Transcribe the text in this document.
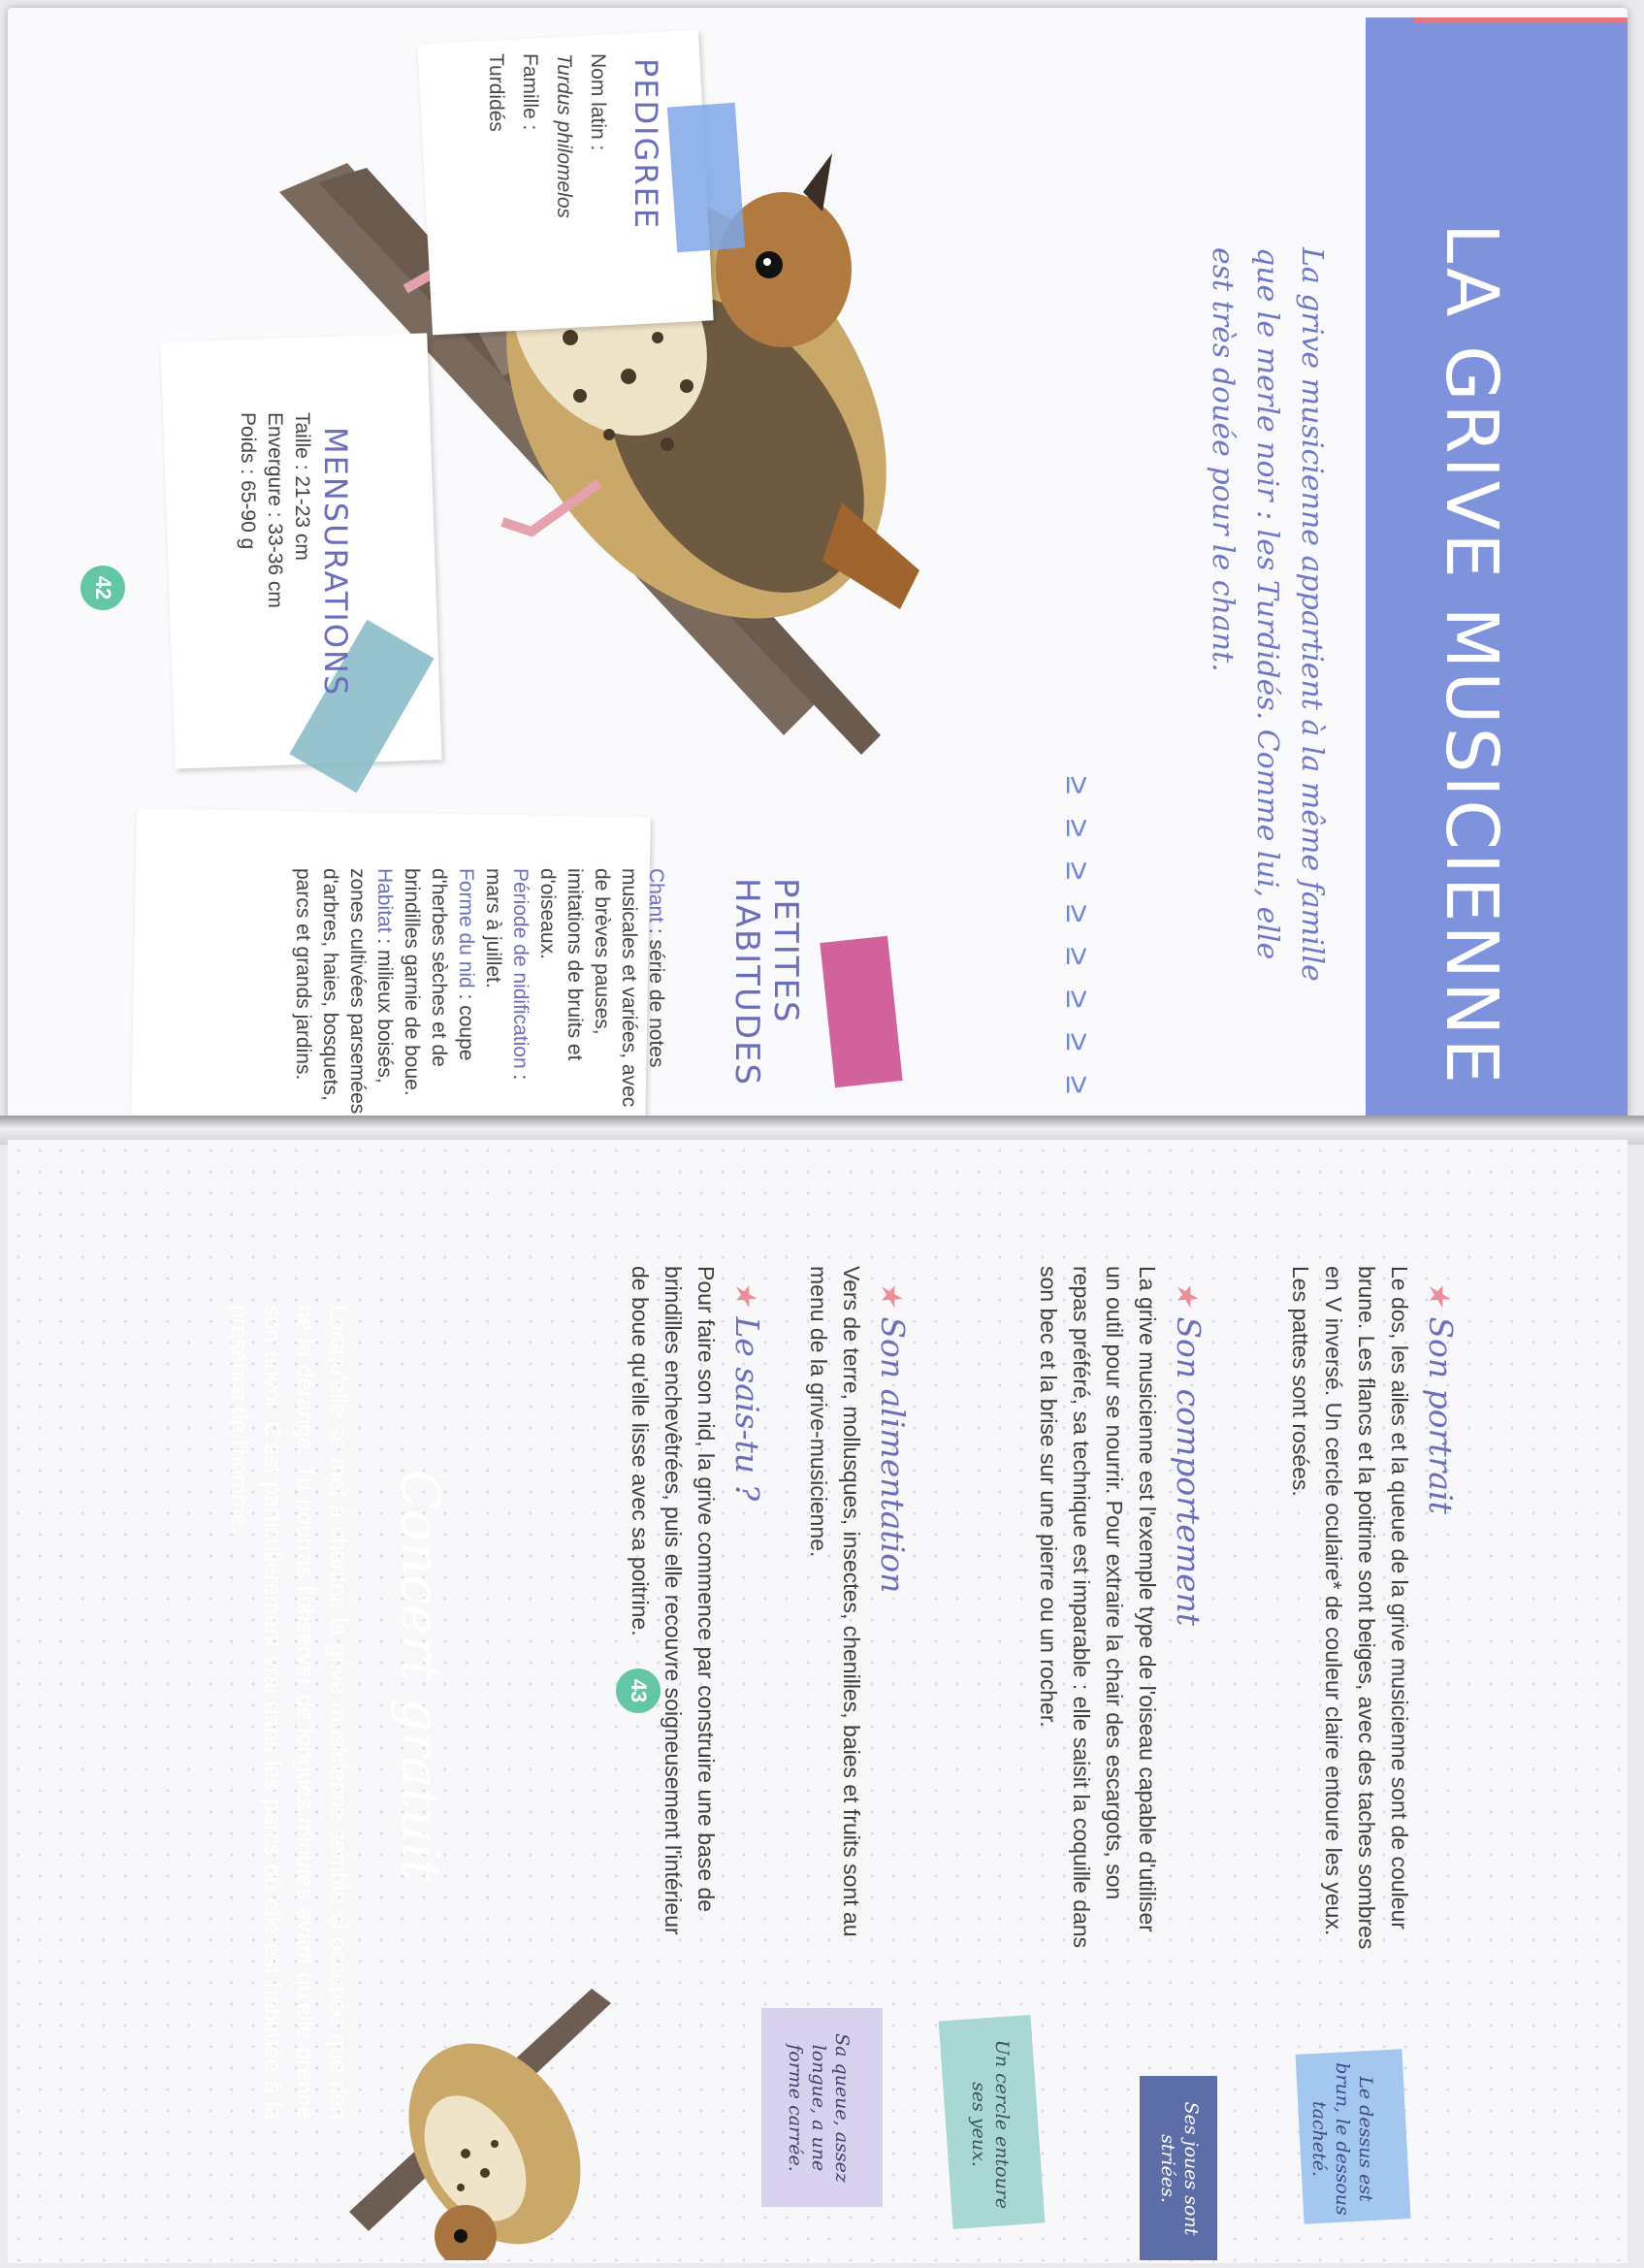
42
43
LA GRIVE MUSICIENNE
La grive musicienne appartient à la même famille que le merle noir : les Turdidés. Comme lui, elle est très douée pour le chant.
PEDIGREE
Nom latin :
Turdus philomelos
Famille :
Turdidés
MENSURATIONS
Taille : 21-23 cm
Envergure : 33-36 cm
Poids : 65-90 g
PETITES HABITUDES
Chant : série de notes musicales et variées, avec de brèves pauses, imitations de bruits et d'oiseaux.
Période de nidification : mars à juillet.
Forme du nid : coupe d'herbes sèches et de brindilles garnie de boue.
Habitat : milieux boisés, zones cultivées parsemées d'arbres, haies, bosquets, parcs et grands jardins.	≥ ≥ ≥ ≥ ≥ ≥ ≥ ≥
★ Son portrait
Le dos, les ailes et la queue de la grive musicienne sont de couleur brune. Les flancs et la poitrine sont beiges, avec des taches sombres en V inversé. Un cercle oculaire* de couleur claire entoure les yeux. Les pattes sont rosées.
★ Son comportement
La grive musicienne est l'exemple type de l'oiseau capable d'utiliser un outil pour se nourrir. Pour extraire la chair des escargots, son repas préféré, sa technique est imparable : elle saisit la coquille dans son bec et la brise sur une pierre ou un rocher.
★ Son alimentation
Vers de terre, mollusques, insectes, chenilles, baies et fruits sont au menu de la grive-musicienne.
★ Le sais-tu ?
Pour faire son nid, la grive commence par construire une base de brindilles enchevêtrées, puis elle recouvre soigneusement l'intérieur de boue qu'elle lisse avec sa poitrine.
Concert gratuit
Lorsqu'elle se met à chanter, la grive musicienne semble si occupée que rien ne la dérange. Tu pourras l'observer de longues minutes avant qu'elle prenne son envol. C'est particulièrement vrai dans les parcs où elle est habituée à la présence de l'homme.
Le dessus est brun, le dessous tacheté.
Ses joues sont striées.
Un cercle entoure ses yeux.
Sa queue, assez longue, a une forme carrée.
